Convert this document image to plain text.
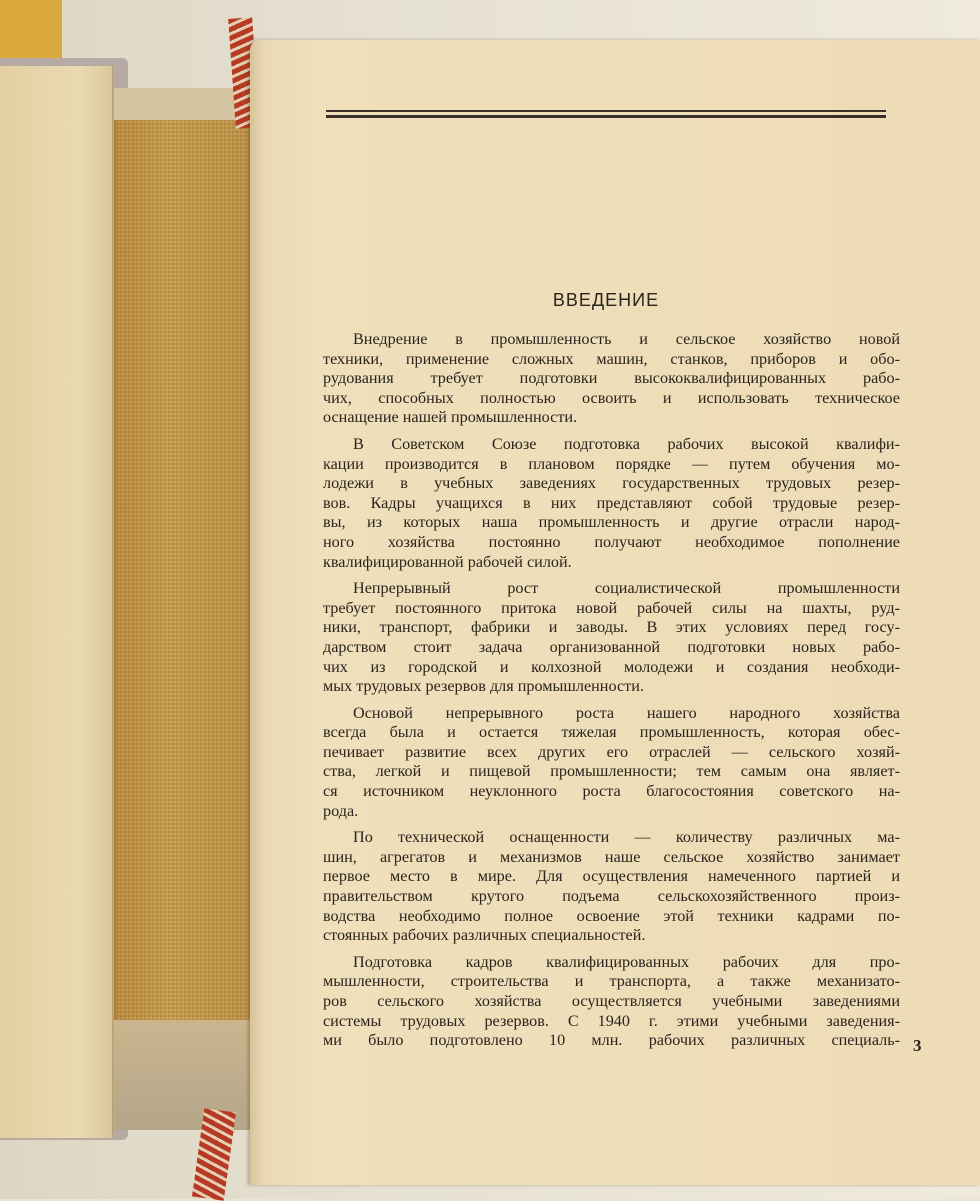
ВВЕДЕНИЕ
Внедрение в промышленность и сельское хозяйство новой
техники, применение сложных машин, станков, приборов и обо-
рудования требует подготовки высококвалифицированных рабо-
чих, способных полностью освоить и использовать техническое
оснащение нашей промышленности.
В Советском Союзе подготовка рабочих высокой квалифи-
кации производится в плановом порядке — путем обучения мо-
лодежи в учебных заведениях государственных трудовых резер-
вов. Кадры учащихся в них представляют собой трудовые резер-
вы, из которых наша промышленность и другие отрасли народ-
ного хозяйства постоянно получают необходимое пополнение
квалифицированной рабочей силой.
Непрерывный рост социалистической промышленности
требует постоянного притока новой рабочей силы на шахты, руд-
ники, транспорт, фабрики и заводы. В этих условиях перед госу-
дарством стоит задача организованной подготовки новых рабо-
чих из городской и колхозной молодежи и создания необходи-
мых трудовых резервов для промышленности.
Основой непрерывного роста нашего народного хозяйства
всегда была и остается тяжелая промышленность, которая обес-
печивает развитие всех других его отраслей — сельского хозяй-
ства, легкой и пищевой промышленности; тем самым она являет-
ся источником неуклонного роста благосостояния советского на-
рода.
По технической оснащенности — количеству различных ма-
шин, агрегатов и механизмов наше сельское хозяйство занимает
первое место в мире. Для осуществления намеченного партией и
правительством крутого подъема сельскохозяйственного произ-
водства необходимо полное освоение этой техники кадрами по-
стоянных рабочих различных специальностей.
Подготовка кадров квалифицированных рабочих для про-
мышленности, строительства и транспорта, а также механизато-
ров сельского хозяйства осуществляется учебными заведениями
системы трудовых резервов. С 1940 г. этими учебными заведения-
ми было подготовлено 10 млн. рабочих различных специаль- 3
